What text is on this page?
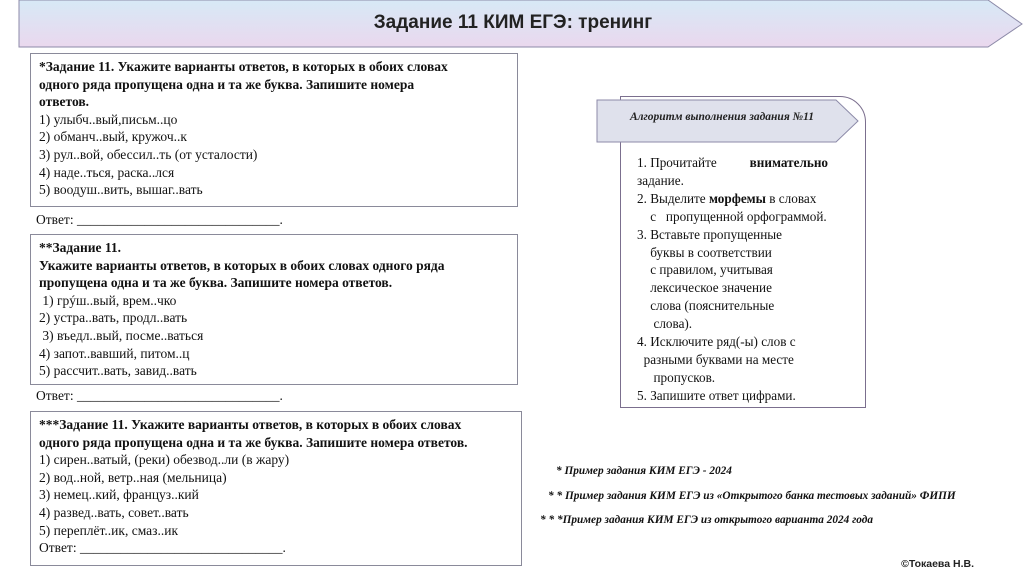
Задание 11 КИМ ЕГЭ: тренинг
*Задание 11. Укажите варианты ответов, в которых в обоих словах
одного ряда пропущена одна и та же буква. Запишите номера
ответов.
1) улыбч..вый,письм..цо
2) обманч..вый, кружоч..к
3) рул..вой, обессил..ть (от усталости)
4) наде..ться, раска..лся
5) воодуш..вить, вышаг..вать
Ответ: ______________________________.
**Задание 11.
Укажите варианты ответов, в которых в обоих словах одного ряда
пропущена одна и та же буква. Запишите номера ответов.
1) грýш..вый, врем..чко
2) устра..вать, продл..вать
3) въедл..вый, посме..ваться
4) запот..вавший, питом..ц
5) рассчит..вать, завид..вать
Ответ: ______________________________.
***Задание 11. Укажите варианты ответов, в которых в обоих словах
одного ряда пропущена одна и та же буква. Запишите номера ответов.
1) сирен..ватый, (реки) обезвод..ли (в жару)
2) вод..ной, ветр..ная (мельница)
3) немец..кий, француз..кий
4) развед..вать, совет..вать
5) переплёт..ик, смаз..ик
Ответ: ______________________________.
Алгоритм выполнения задания №11
1. Прочитайте          внимательно
задание.
2. Выделите морфемы в словах
с   пропущенной орфограммой.
3. Вставьте пропущенные
буквы в соответствии
с правилом, учитывая
лексическое значение
слова (пояснительные
слова).
4. Исключите ряд(-ы) слов с
разными буквами на месте
пропусков.
5. Запишите ответ цифрами.
* Пример задания КИМ ЕГЭ - 2024
* * Пример задания КИМ ЕГЭ из «Открытого банка тестовых заданий» ФИПИ
* * *Пример задания КИМ ЕГЭ из открытого варианта 2024 года
©Токаева Н.В.
